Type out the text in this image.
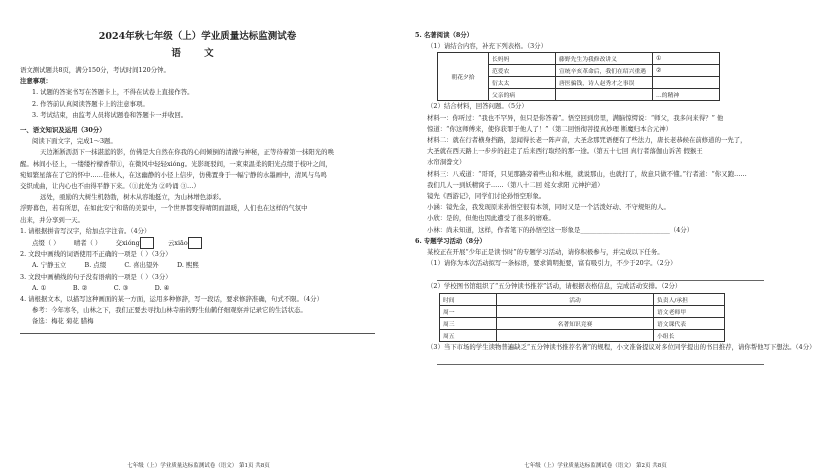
2024年秋七年级（上）学业质量达标监测试卷
语 文
语文测试题共8页，满分150分，考试时间120分钟。
注意事项：
1. 试题的答案书写在答题卡上，不得在试卷上直接作答。
2. 作答前认真阅读答题卡上的注意事项。
3. 考试结束，由监考人员将试题卷和答题卡一并收回。
一、语文知识及运用（30分）
阅读下面文字，完成1～3题。
天边淅淅沥沥下一抹湛蓝的影，仿佛是大自然在你我的心间倾倒的清澈与神秘，正等待着第一抹阳光的唤
醒。林间小径上，一缕缕柠檬香带①，在微风中轻轻xióng。光影斑驳间，一束束温柔的阳光点缀于枝叶之间，
宛如繁星落在了它的怀中……佳林人，在这幽静的小径上信步，仿佛置身于一幅宁静的水墨画中，清风与鸟鸣
交织成曲，让内心也不由得平静下来。（①此处为 ②吟诵 ③…）
远处，亟励的大树生机勃勃，树木从容地挺立，为山林增色添彩。
浮野暮色，若有所思，在如此安宁和谐的美景中，一个世界都变得晴朗而温暖，人们也在这样的气氛中
出来，并分享到一天。
1. 请根据拼音写汉字，给加点字注音。（4分）
点缀（ ） 晴者（ ） 交xióng	云xiāo
2. 文段中画线的词语使用不正确的一项是（ ）（3分）
A. 宁静玉立	B. 点缀	C. 喜出望外	D. 熙熙
3. 文段中画横线的句子没有语病的一项是（ ）（3分）
A. ①	B. ②	C. ③	D. ④
4. 请根据文本，以描写这种画面的某一方面，运用多种修辞，写一段话，要求修辞准确，句式不限。（4分）
参考：今年寒冬，山林之下，我们正要去寻找山林寺庙的野生仙鹤仔细观察并记录它的生活状态。
备选：梅花 菊花 腊梅
七年级（上）学业质量达标监测试卷（语文） 第1页 共8页
5. 名著阅读（8分）
（1）请结合内容，补充下列表格。（3分）
朝花夕拾	长妈妈	藤野先生为我修改讲义	①
	范爱农	宣统辛亥革命后，我们在绍兴重遇	②
	衍太太	唐医骗钱，诗人赵秀才之事误	
	父亲的病		…的精神
（2）结合材料，回答问题。（5分）
材料一：你听过：“我也不罕异，但只是你答着”。悟空回到房里，满脑惊愕说：“师父，我多问来得？” 他
惊道：“你这师傅来，使你获罪于他人了！”（第二回悟彻菩提真妙理 断魔归本合元神）
材料二：就在行者横身挡路，忽闻得长老一阵声音，大圣念那咒语便有了些法力，唐长老恭候在前修道的一先了，
大圣就在西天路上一步步的赶走了后来西行取经的那一途。（第五十七回 真行者落伽山诉苦 假猴王
水帘洞誊文）
材料三：八戒道：“哥哥，只见那路旁着些山和木棍，就说那山，也就打了，故意只做不懂。”行者道：“你又跑……
我们几人一到妖精窝子……（第八十二回 姹女求阳 元神护道）
镜先《西游记》，同学们讨论孙悟空形象。
小涵：镜先金，我发现原来孙悟空很有本领，同时又是一个活泼好动、不守规矩的人。
小欣：是的，但他也因此遭受了很多的磨难。
小林：尚未知道，这样，作者笔下的孙悟空这一形象是____________________________（4分）
6. 专题学习活动（8分）
某校正在开展“少年正是读书时”的专题学习活动，请你积极参与，并完成以下任务。
（1）请你为本次活动拟写一条标语，要求简明扼要，富有吸引力，不少于20字。（2分）
（2）学校图书馆组织了“五分钟读书推荐”活动，请根据表格信息，完成活动安排。（2分）
时间	活动	负责人/承担
周一		语文老师甲
周三	名著知识竞赛	语文课代表
周五		小组长
（3）当下市场的学生读物普遍缺乏“五分钟读书推荐名著”的规程，小文准备提议对多位同学提出的书目推荐，请你帮他写下想法。（4分）
七年级（上）学业质量达标监测试卷（语文） 第2页 共8页
